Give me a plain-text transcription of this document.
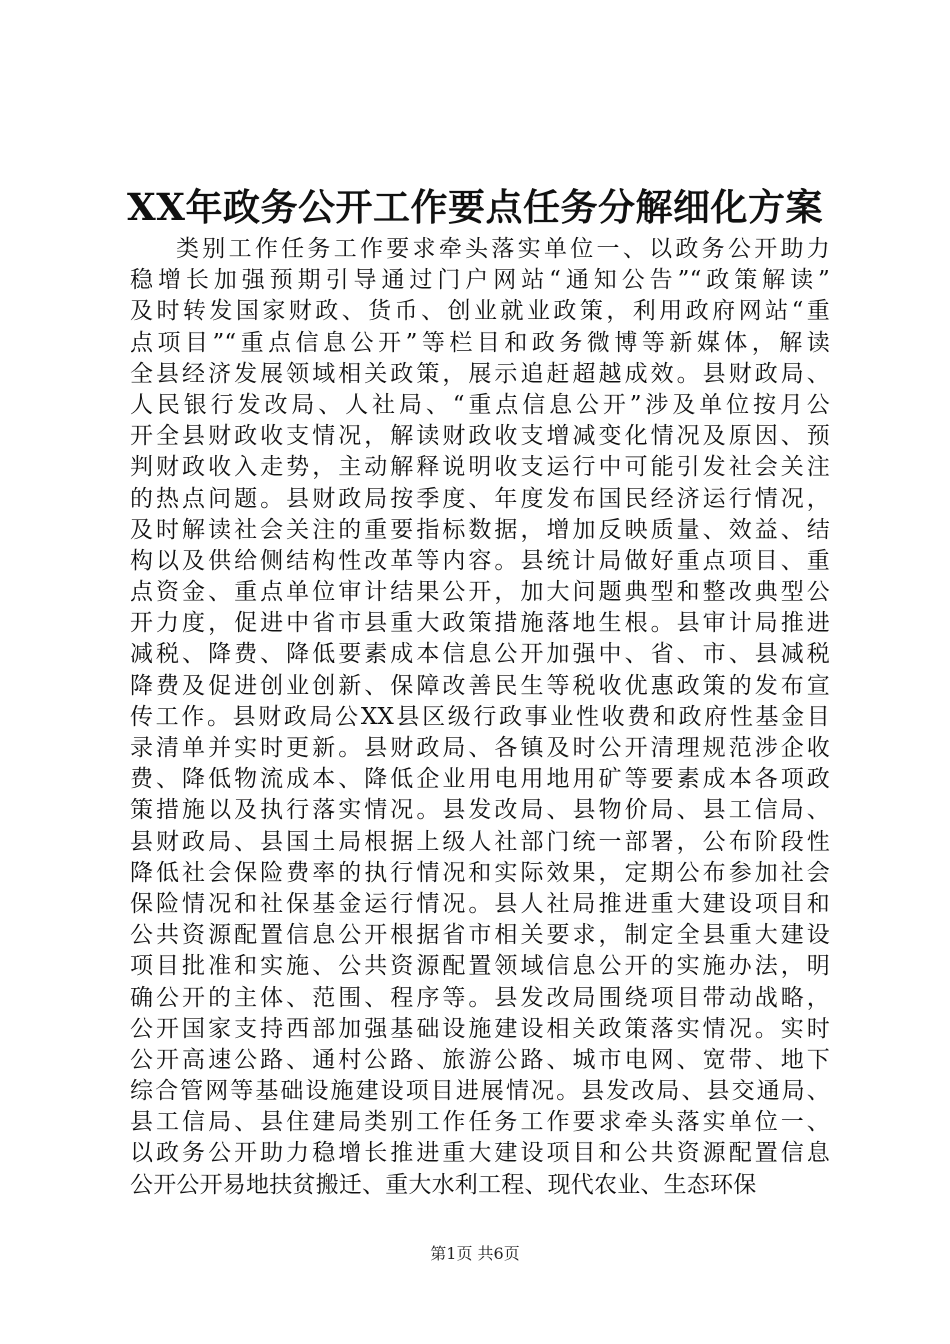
XX年政务公开工作要点任务分解细化方案
类别工作任务工作要求牵头落实单位一、以政务公开助力
稳增长加强预期引导通过门户网站“通知公告”“政策解读”
及时转发国家财政、货币、创业就业政策，利用政府网站“重
点项目”“重点信息公开”等栏目和政务微博等新媒体，解读
全县经济发展领域相关政策，展示追赶超越成效。县财政局、
人民银行发改局、人社局、“重点信息公开”涉及单位按月公
开全县财政收支情况，解读财政收支增减变化情况及原因、预
判财政收入走势，主动解释说明收支运行中可能引发社会关注
的热点问题。县财政局按季度、年度发布国民经济运行情况，
及时解读社会关注的重要指标数据，增加反映质量、效益、结
构以及供给侧结构性改革等内容。县统计局做好重点项目、重
点资金、重点单位审计结果公开，加大问题典型和整改典型公
开力度，促进中省市县重大政策措施落地生根。县审计局推进
减税、降费、降低要素成本信息公开加强中、省、市、县减税
降费及促进创业创新、保障改善民生等税收优惠政策的发布宣
传工作。县财政局公XX县区级行政事业性收费和政府性基金目
录清单并实时更新。县财政局、各镇及时公开清理规范涉企收
费、降低物流成本、降低企业用电用地用矿等要素成本各项政
策措施以及执行落实情况。县发改局、县物价局、县工信局、
县财政局、县国土局根据上级人社部门统一部署，公布阶段性
降低社会保险费率的执行情况和实际效果，定期公布参加社会
保险情况和社保基金运行情况。县人社局推进重大建设项目和
公共资源配置信息公开根据省市相关要求，制定全县重大建设
项目批准和实施、公共资源配置领域信息公开的实施办法，明
确公开的主体、范围、程序等。县发改局围绕项目带动战略，
公开国家支持西部加强基础设施建设相关政策落实情况。实时
公开高速公路、通村公路、旅游公路、城市电网、宽带、地下
综合管网等基础设施建设项目进展情况。县发改局、县交通局、
县工信局、县住建局类别工作任务工作要求牵头落实单位一、
以政务公开助力稳增长推进重大建设项目和公共资源配置信息
公开公开易地扶贫搬迁、重大水利工程、现代农业、生态环保
第1页 共6页
